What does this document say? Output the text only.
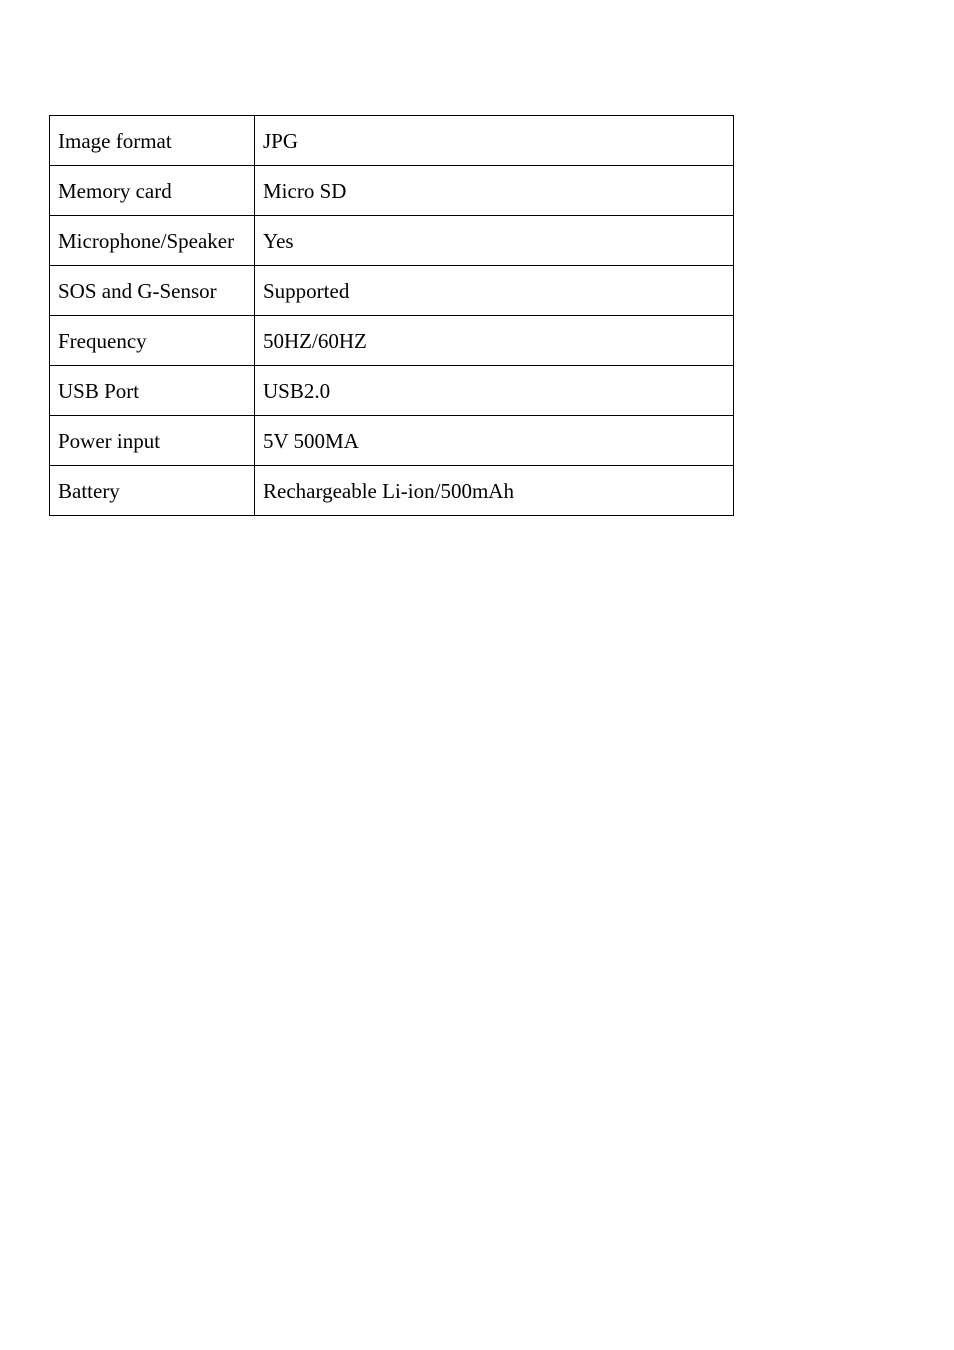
Image format	JPG
Memory card	Micro SD
Microphone/Speaker	Yes
SOS and G-Sensor	Supported
Frequency	50HZ/60HZ
USB Port	USB2.0
Power input	5V 500MA
Battery	Rechargeable Li-ion/500mAh
